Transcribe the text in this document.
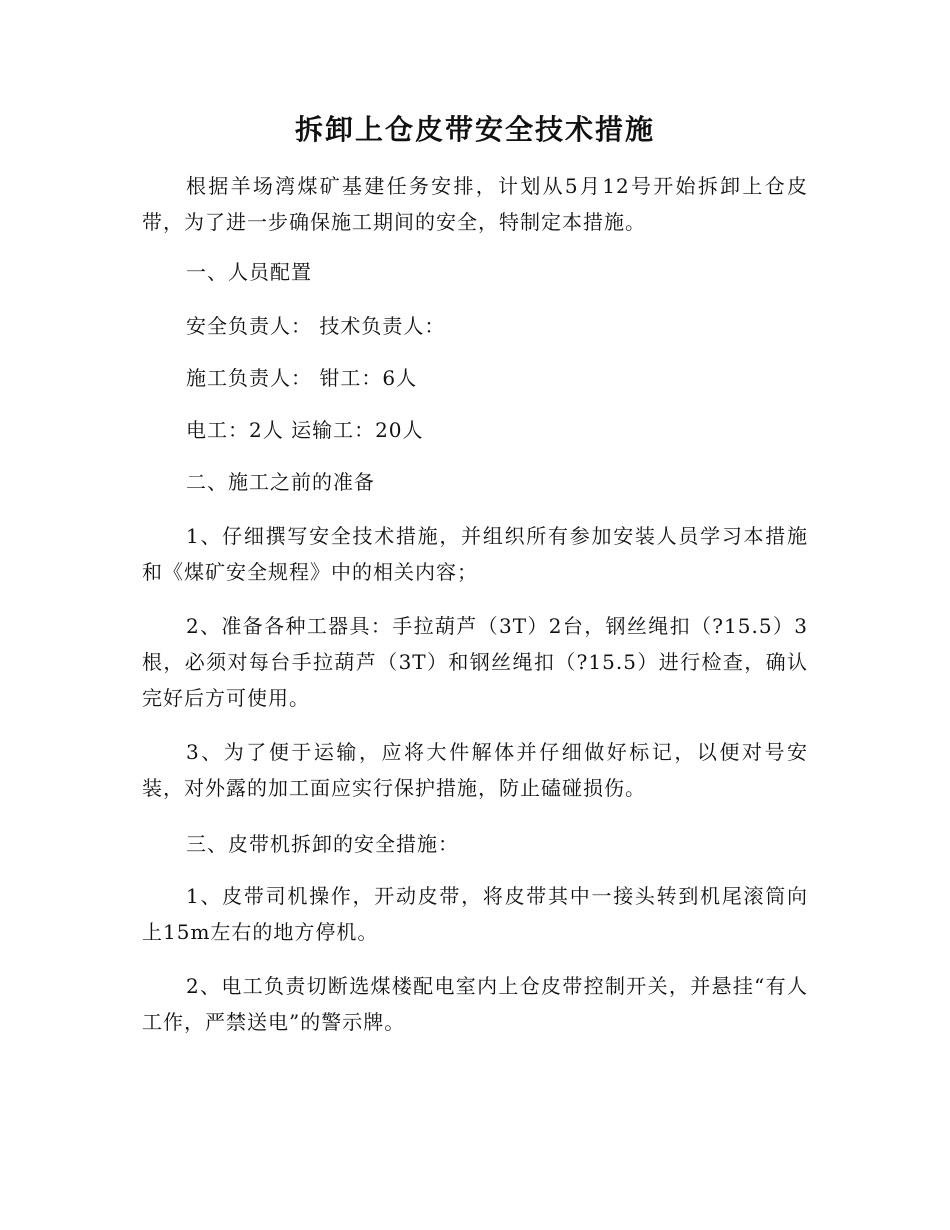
拆卸上仓皮带安全技术措施

根据羊场湾煤矿基建任务安排，计划从5月12号开始拆卸上仓皮带，为了进一步确保施工期间的安全，特制定本措施。

一、人员配置

安全负责人： 技术负责人：

施工负责人： 钳工：6人

电工：2人 运输工：20人

二、施工之前的准备

1、仔细撰写安全技术措施，并组织所有参加安装人员学习本措施和《煤矿安全规程》中的相关内容；

2、准备各种工器具：手拉葫芦（3T）2台，钢丝绳扣（?15.5）3根，必须对每台手拉葫芦（3T）和钢丝绳扣（?15.5）进行检查，确认完好后方可使用。

3、为了便于运输，应将大件解体并仔细做好标记，以便对号安装，对外露的加工面应实行保护措施，防止磕碰损伤。

三、皮带机拆卸的安全措施：

1、皮带司机操作，开动皮带，将皮带其中一接头转到机尾滚筒向上15m左右的地方停机。

2、电工负责切断选煤楼配电室内上仓皮带控制开关，并悬挂“有人工作，严禁送电”的警示牌。
